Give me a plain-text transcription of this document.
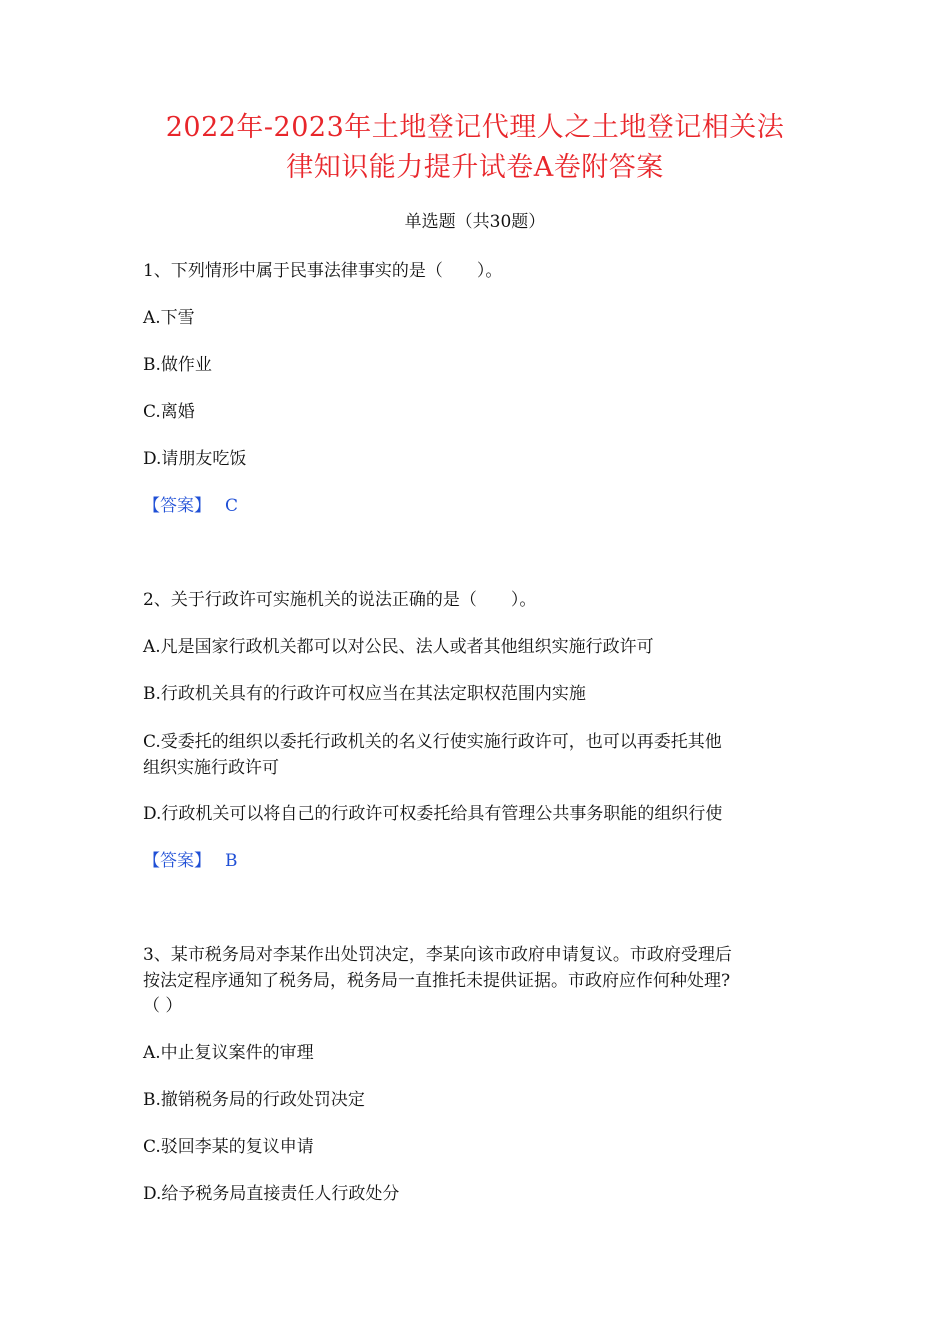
2022年-2023年土地登记代理人之土地登记相关法
律知识能力提升试卷A卷附答案
单选题（共30题）
1、下列情形中属于民事法律事实的是（　　）。
A.下雪
B.做作业
C.离婚
D.请朋友吃饭
【答案】 C
2、关于行政许可实施机关的说法正确的是（　　）。
A.凡是国家行政机关都可以对公民、法人或者其他组织实施行政许可
B.行政机关具有的行政许可权应当在其法定职权范围内实施
C.受委托的组织以委托行政机关的名义行使实施行政许可，也可以再委托其他
组织实施行政许可
D.行政机关可以将自己的行政许可权委托给具有管理公共事务职能的组织行使
【答案】 B
3、某市税务局对李某作出处罚决定，李某向该市政府申请复议。市政府受理后
按法定程序通知了税务局，税务局一直推托未提供证据。市政府应作何种处理?
（ ）
A.中止复议案件的审理
B.撤销税务局的行政处罚决定
C.驳回李某的复议申请
D.给予税务局直接责任人行政处分
